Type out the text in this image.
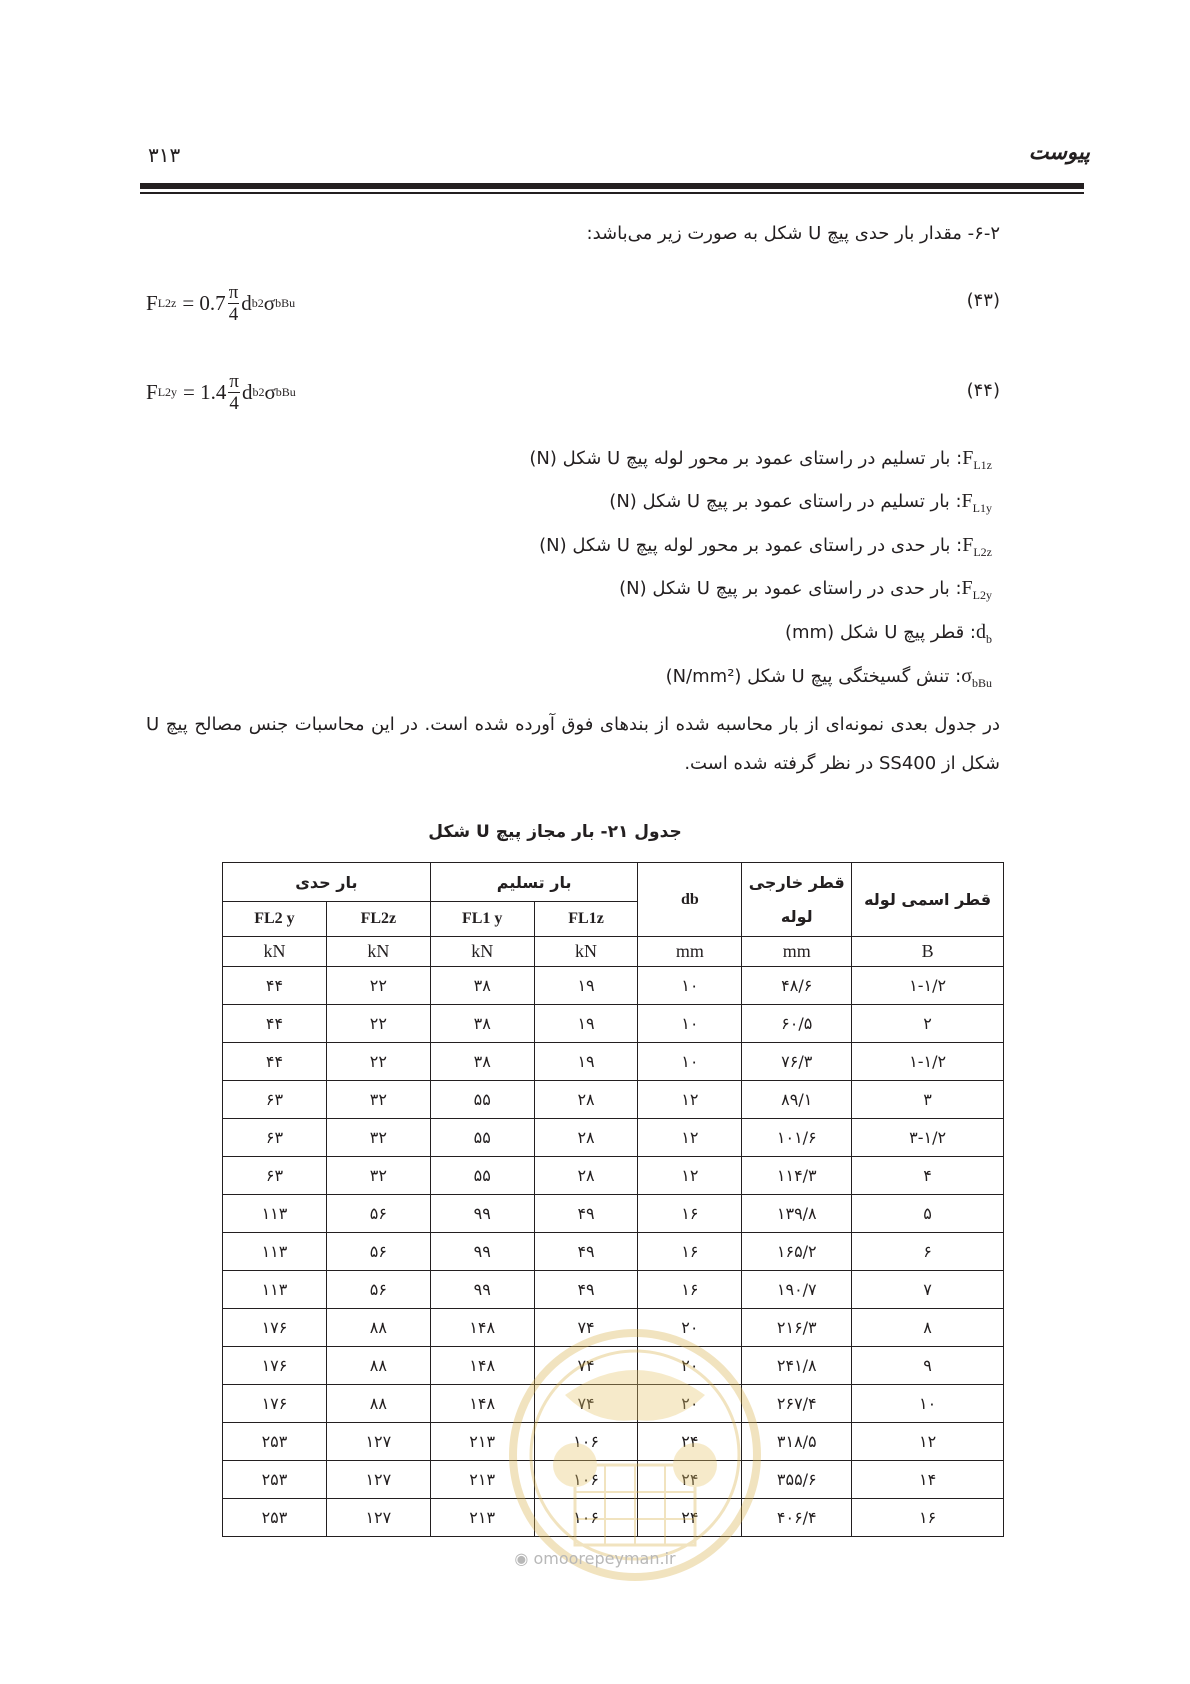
پیوست
۳۱۳
۶-۲- مقدار بار حدی پیچ U شکل به صورت زیر می‌باشد:
F $L2z = 0.7 \frac{\pi}{4}$ d b 2 σ bBu	(۴۳)
F $L2y = 1.4 \frac{\pi}{4}$ d b 2 σ bBu	(۴۴)
$F_{L1z}$: بار تسلیم در راستای عمود بر محور لوله پیچ U شکل (N)
$F_{L1y}$: بار تسلیم در راستای عمود بر پیچ U شکل (N)
$F_{L2z}$: بار حدی در راستای عمود بر محور لوله پیچ U شکل (N)
$F_{L2y}$: بار حدی در راستای عمود بر پیچ U شکل (N)
$d_b$: قطر پیچ U شکل (mm)
$\sigma_{bBu}$: تنش گسیختگی پیچ U شکل (N/mm²)
در جدول بعدی نمونه‌ای از بار محاسبه شده از بندهای فوق آورده شده است. در این محاسبات جنس مصالح پیچ U شکل از SS400 در نظر گرفته شده است.
جدول ۲۱- بار مجاز پیچ U شکل
قطر اسمی لوله	قطر خارجی لوله	db	بار تسلیم		بار حدی	
			FL1z	FL1 y	FL2z	FL2 y
B	mm	mm	kN	kN	kN	kN
۱-۱/۲	۴۸/۶	۱۰	۱۹	۳۸	۲۲	۴۴
۲	۶۰/۵	۱۰	۱۹	۳۸	۲۲	۴۴
۱-۱/۲	۷۶/۳	۱۰	۱۹	۳۸	۲۲	۴۴
۳	۸۹/۱	۱۲	۲۸	۵۵	۳۲	۶۳
۳-۱/۲	۱۰۱/۶	۱۲	۲۸	۵۵	۳۲	۶۳
۴	۱۱۴/۳	۱۲	۲۸	۵۵	۳۲	۶۳
۵	۱۳۹/۸	۱۶	۴۹	۹۹	۵۶	۱۱۳
۶	۱۶۵/۲	۱۶	۴۹	۹۹	۵۶	۱۱۳
۷	۱۹۰/۷	۱۶	۴۹	۹۹	۵۶	۱۱۳
۸	۲۱۶/۳	۲۰	۷۴	۱۴۸	۸۸	۱۷۶
۹	۲۴۱/۸	۲۰	۷۴	۱۴۸	۸۸	۱۷۶
۱۰	۲۶۷/۴	۲۰	۷۴	۱۴۸	۸۸	۱۷۶
۱۲	۳۱۸/۵	۲۴	۱۰۶	۲۱۳	۱۲۷	۲۵۳
۱۴	۳۵۵/۶	۲۴	۱۰۶	۲۱۳	۱۲۷	۲۵۳
۱۶	۴۰۶/۴	۲۴	۱۰۶	۲۱۳	۱۲۷	۲۵۳
◉ omoorepeyman.ir
